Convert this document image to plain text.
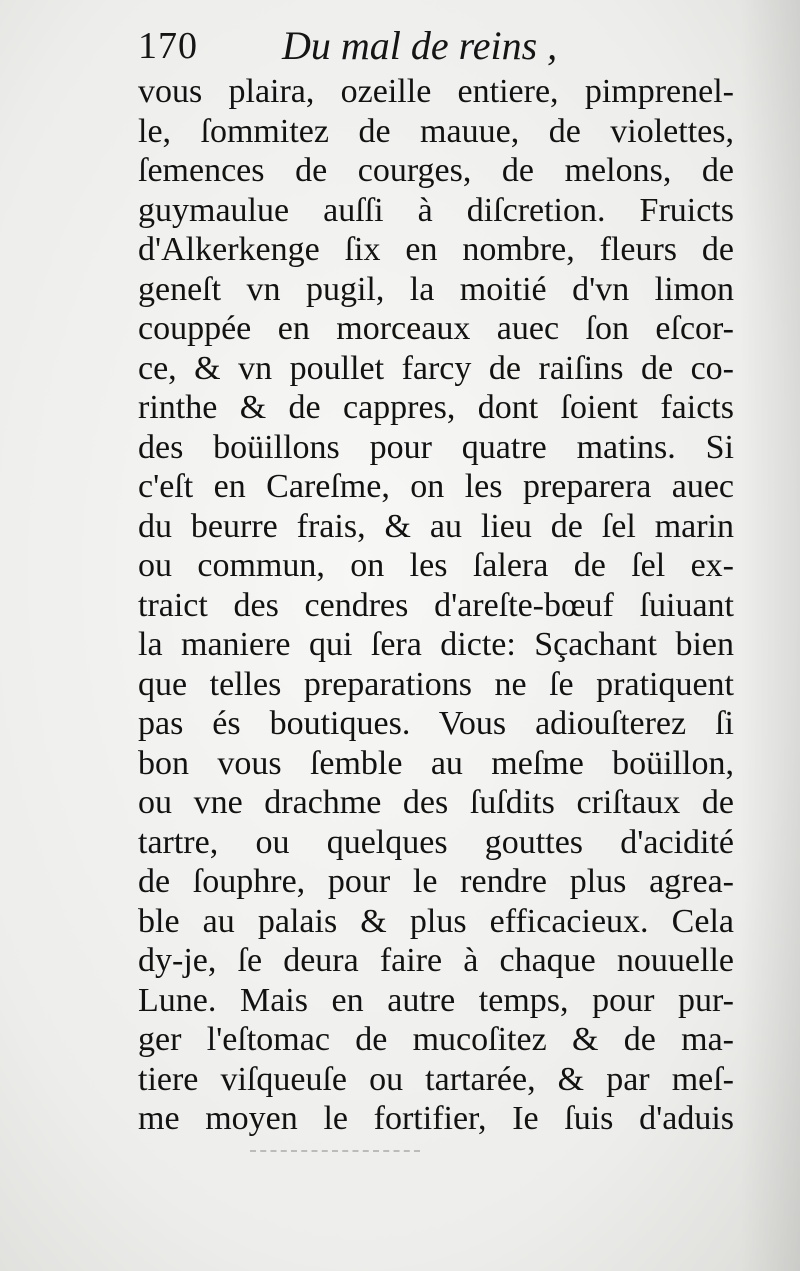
170 Du mal de reins ,
vous plaira, ozeille entiere, pimprenel-
le, ſommitez de mauue, de violettes,
ſemences de courges, de melons, de
guymaulue auſſi à diſcretion. Fruicts
d'Alkerkenge ſix en nombre, fleurs de
geneſt vn pugil, la moitié d'vn limon
couppée en morceaux auec ſon eſcor-
ce, & vn poullet farcy de raiſins de co-
rinthe & de cappres, dont ſoient faicts
des boüillons pour quatre matins. Si
c'eſt en Careſme, on les preparera auec
du beurre frais, & au lieu de ſel marin
ou commun, on les ſalera de ſel ex-
traict des cendres d'areſte-bœuf ſuiuant
la maniere qui ſera dicte: Sçachant bien
que telles preparations ne ſe pratiquent
pas és boutiques. Vous adiouſterez ſi
bon vous ſemble au meſme boüillon,
ou vne drachme des ſuſdits criſtaux de
tartre, ou quelques gouttes d'acidité
de ſouphre, pour le rendre plus agrea-
ble au palais & plus efficacieux. Cela
dy-je, ſe deura faire à chaque nouuelle
Lune. Mais en autre temps, pour pur-
ger l'eſtomac de mucoſitez & de ma-
tiere viſqueuſe ou tartarée, & par meſ-
me moyen le fortifier, Ie ſuis d'aduis
